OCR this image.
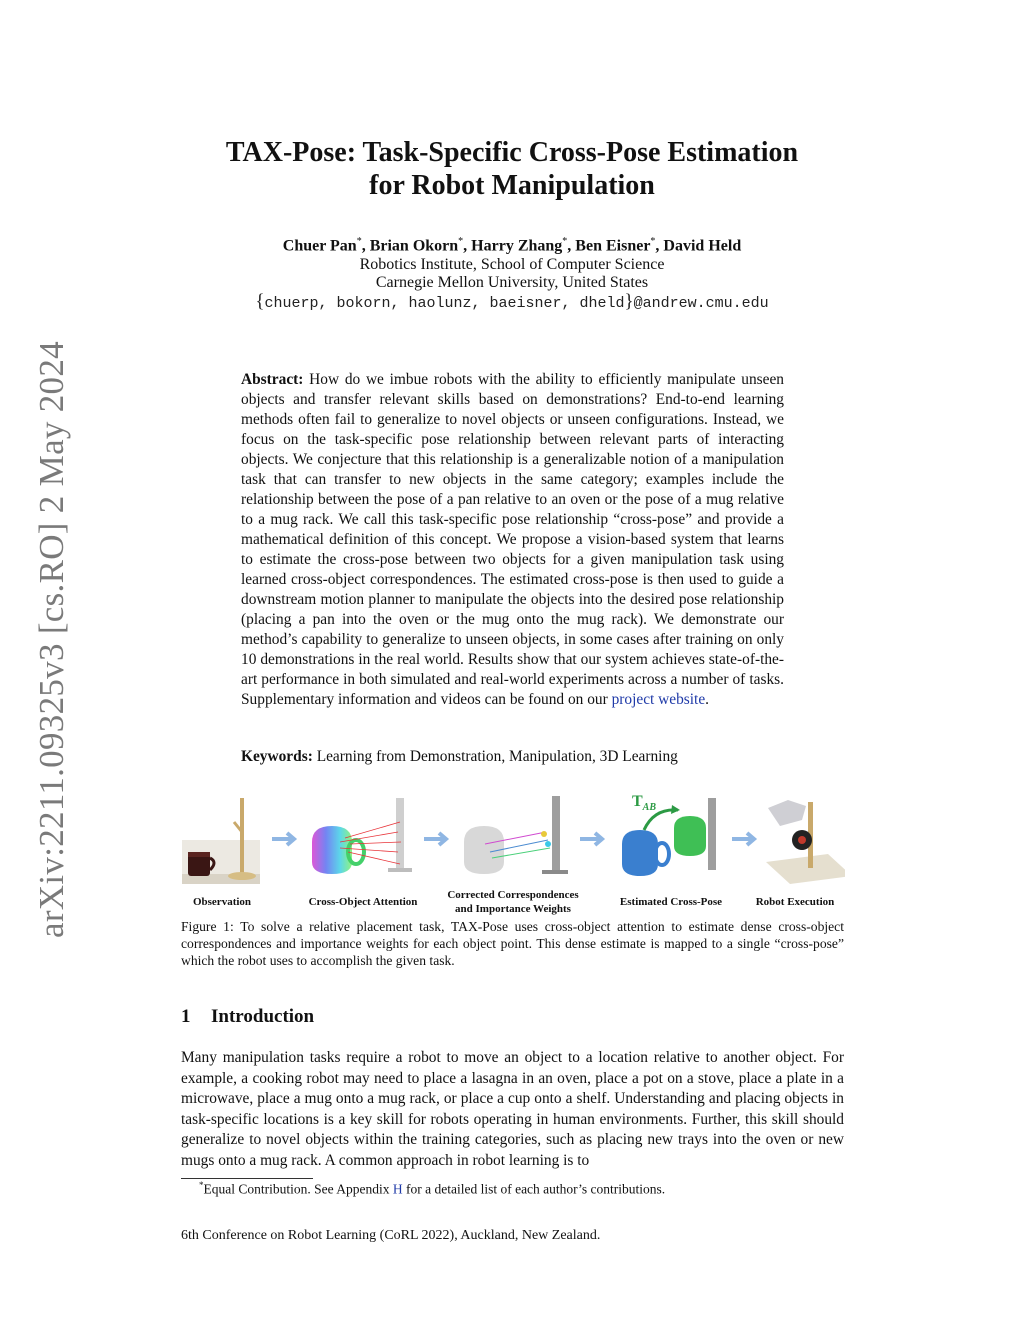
arXiv:2211.09325v3 [cs.RO] 2 May 2024
TAX-Pose: Task-Specific Cross-Pose Estimation
for Robot Manipulation
Chuer Pan*, Brian Okorn*, Harry Zhang*, Ben Eisner*, David Held
Robotics Institute, School of Computer Science
Carnegie Mellon University, United States
{chuerp, bokorn, haolunz, baeisner, dheld}@andrew.cmu.edu
Abstract: How do we imbue robots with the ability to efficiently manipulate unseen objects and transfer relevant skills based on demonstrations? End-to-end learning methods often fail to generalize to novel objects or unseen configurations. Instead, we focus on the task-specific pose relationship between relevant parts of interacting objects. We conjecture that this relationship is a generalizable notion of a manipulation task that can transfer to new objects in the same category; examples include the relationship between the pose of a pan relative to an oven or the pose of a mug relative to a mug rack. We call this task-specific pose relationship “cross-pose” and provide a mathematical definition of this concept. We propose a vision-based system that learns to estimate the cross-pose between two objects for a given manipulation task using learned cross-object correspondences. The estimated cross-pose is then used to guide a downstream motion planner to manipulate the objects into the desired pose relationship (placing a pan into the oven or the mug onto the mug rack). We demonstrate our method’s capability to generalize to unseen objects, in some cases after training on only 10 demonstrations in the real world. Results show that our system achieves state-of-the-art performance in both simulated and real-world experiments across a number of tasks. Supplementary information and videos can be found on our project website.
Keywords: Learning from Demonstration, Manipulation, 3D Learning
$T_{AB}$
Observation	Cross-Object Attention
Corrected Correspondences
and Importance Weights
Estimated Cross-Pose	Robot Execution
Figure 1: To solve a relative placement task, TAX-Pose uses cross-object attention to estimate dense cross-object correspondences and importance weights for each object point. This dense estimate is mapped to a single “cross-pose” which the robot uses to accomplish the given task.
1 Introduction
Many manipulation tasks require a robot to move an object to a location relative to another object. For example, a cooking robot may need to place a lasagna in an oven, place a pot on a stove, place a plate in a microwave, place a mug onto a mug rack, or place a cup onto a shelf. Understanding and placing objects in task-specific locations is a key skill for robots operating in human environments. Further, this skill should generalize to novel objects within the training categories, such as placing new trays into the oven or new mugs onto a mug rack. A common approach in robot learning is to
*Equal Contribution. See Appendix H for a detailed list of each author’s contributions.
6th Conference on Robot Learning (CoRL 2022), Auckland, New Zealand.
